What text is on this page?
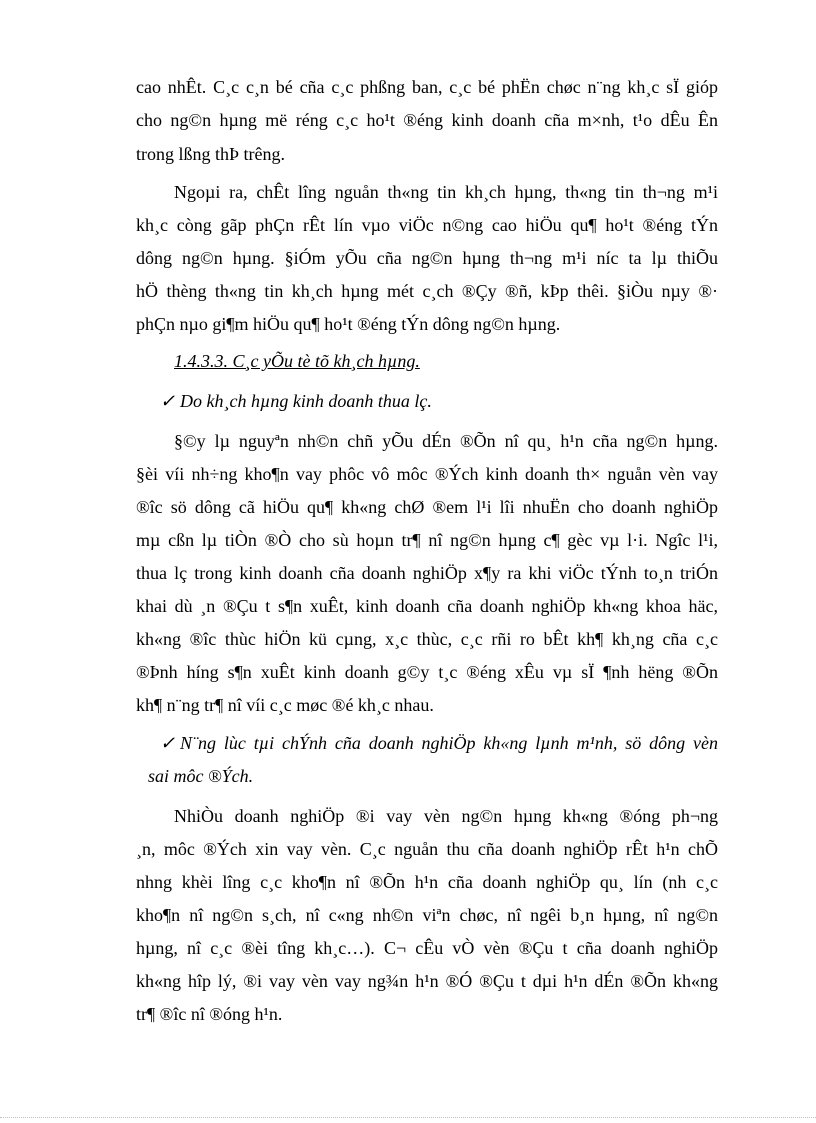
cao nhÊt. C¸c c¸n bé cña c¸c phßng ban, c¸c bé phËn chøc n¨ng kh¸c sÏ gióp
cho ng©n hµng më réng c¸c ho¹t ®éng kinh doanh cña m×nh, t¹o dÊu Ên
trong lßng thÞ trêng.
Ngoµi ra, chÊt lîng nguån th«ng tin kh¸ch hµng, th«ng tin th¬ng m¹i
kh¸c còng gãp phÇn rÊt lín vµo viÖc n©ng cao hiÖu qu¶ ho¹t ®éng tÝn
dông ng©n hµng. §iÓm yÕu cña ng©n hµng th¬ng m¹i níc ta lµ thiÕu
hÖ thèng th«ng tin kh¸ch hµng mét c¸ch ®Çy ®ñ, kÞp thêi. §iÒu nµy ®·
phÇn nµo gi¶m hiÖu qu¶ ho¹t ®éng tÝn dông ng©n hµng.
1.4.3.3. C¸c yÕu tè tõ kh¸ch hµng.
✓ Do kh¸ch hµng kinh doanh thua lç.
§©y lµ nguyªn nh©n chñ yÕu dÉn ®Õn nî qu¸ h¹n cña ng©n hµng.
§èi víi nh÷ng kho¶n vay phôc vô môc ®Ých kinh doanh th× nguån vèn vay
®îc sö dông cã hiÖu qu¶ kh«ng chØ ®em l¹i lîi nhuËn cho doanh nghiÖp
mµ cßn lµ tiÒn ®Ò cho sù hoµn tr¶ nî ng©n hµng c¶ gèc vµ l·i. Ngîc l¹i,
thua lç trong kinh doanh cña doanh nghiÖp x¶y ra khi viÖc tÝnh to¸n triÓn
khai dù ¸n ®Çu t s¶n xuÊt, kinh doanh cña doanh nghiÖp kh«ng khoa häc,
kh«ng ®îc thùc hiÖn kü cµng, x¸c thùc, c¸c rñi ro bÊt kh¶ kh¸ng cña c¸c
®Þnh híng s¶n xuÊt kinh doanh g©y t¸c ®éng xÊu vµ sÏ ¶nh hëng ®Õn
kh¶ n¨ng tr¶ nî víi c¸c møc ®é kh¸c nhau.
✓ N¨ng lùc tµi chÝnh cña doanh nghiÖp kh«ng lµnh m¹nh, sö dông vèn
sai môc ®Ých.
NhiÒu doanh nghiÖp ®i vay vèn ng©n hµng kh«ng ®óng ph¬ng
¸n, môc ®Ých xin vay vèn. C¸c nguån thu cña doanh nghiÖp rÊt h¹n chÕ
nhng khèi lîng c¸c kho¶n nî ®Õn h¹n cña doanh nghiÖp qu¸ lín (nh c¸c
kho¶n nî ng©n s¸ch, nî c«ng nh©n viªn chøc, nî ngêi b¸n hµng, nî ng©n
hµng, nî c¸c ®èi tîng kh¸c…). C¬ cÊu vÒ vèn ®Çu t cña doanh nghiÖp
kh«ng hîp lý, ®i vay vèn vay ng¾n h¹n ®Ó ®Çu t dµi h¹n dÉn ®Õn kh«ng
tr¶ ®îc nî ®óng h¹n.
